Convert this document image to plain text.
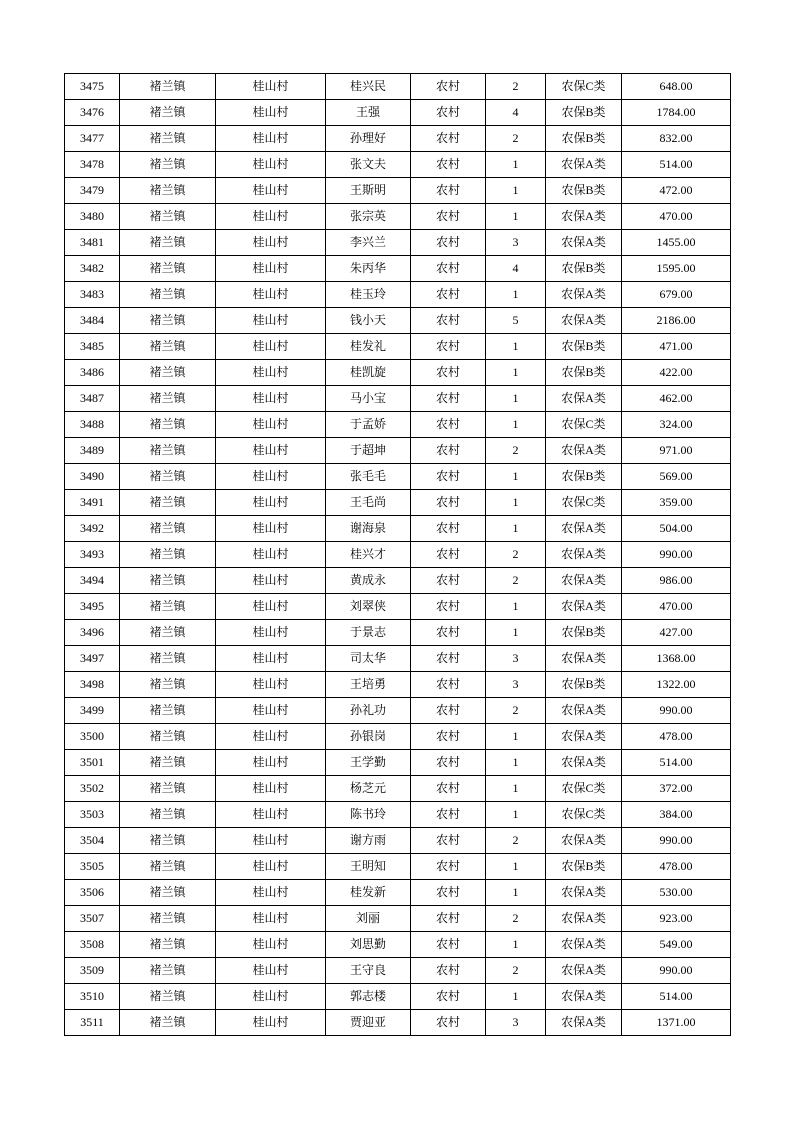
3475	褚兰镇	桂山村	桂兴民	农村	2	农保C类	648.00
3476	褚兰镇	桂山村	王强	农村	4	农保B类	1784.00
3477	褚兰镇	桂山村	孙理好	农村	2	农保B类	832.00
3478	褚兰镇	桂山村	张文夫	农村	1	农保A类	514.00
3479	褚兰镇	桂山村	王斯明	农村	1	农保B类	472.00
3480	褚兰镇	桂山村	张宗英	农村	1	农保A类	470.00
3481	褚兰镇	桂山村	李兴兰	农村	3	农保A类	1455.00
3482	褚兰镇	桂山村	朱丙华	农村	4	农保B类	1595.00
3483	褚兰镇	桂山村	桂玉玲	农村	1	农保A类	679.00
3484	褚兰镇	桂山村	钱小天	农村	5	农保A类	2186.00
3485	褚兰镇	桂山村	桂发礼	农村	1	农保B类	471.00
3486	褚兰镇	桂山村	桂凯旋	农村	1	农保B类	422.00
3487	褚兰镇	桂山村	马小宝	农村	1	农保A类	462.00
3488	褚兰镇	桂山村	于孟娇	农村	1	农保C类	324.00
3489	褚兰镇	桂山村	于超坤	农村	2	农保A类	971.00
3490	褚兰镇	桂山村	张毛毛	农村	1	农保B类	569.00
3491	褚兰镇	桂山村	王毛尚	农村	1	农保C类	359.00
3492	褚兰镇	桂山村	谢海泉	农村	1	农保A类	504.00
3493	褚兰镇	桂山村	桂兴才	农村	2	农保A类	990.00
3494	褚兰镇	桂山村	黄成永	农村	2	农保A类	986.00
3495	褚兰镇	桂山村	刘翠侠	农村	1	农保A类	470.00
3496	褚兰镇	桂山村	于景志	农村	1	农保B类	427.00
3497	褚兰镇	桂山村	司太华	农村	3	农保A类	1368.00
3498	褚兰镇	桂山村	王培勇	农村	3	农保B类	1322.00
3499	褚兰镇	桂山村	孙礼功	农村	2	农保A类	990.00
3500	褚兰镇	桂山村	孙银岗	农村	1	农保A类	478.00
3501	褚兰镇	桂山村	王学勤	农村	1	农保A类	514.00
3502	褚兰镇	桂山村	杨芝元	农村	1	农保C类	372.00
3503	褚兰镇	桂山村	陈书玲	农村	1	农保C类	384.00
3504	褚兰镇	桂山村	谢方雨	农村	2	农保A类	990.00
3505	褚兰镇	桂山村	王明知	农村	1	农保B类	478.00
3506	褚兰镇	桂山村	桂发新	农村	1	农保A类	530.00
3507	褚兰镇	桂山村	刘丽	农村	2	农保A类	923.00
3508	褚兰镇	桂山村	刘思勤	农村	1	农保A类	549.00
3509	褚兰镇	桂山村	王守良	农村	2	农保A类	990.00
3510	褚兰镇	桂山村	郭志楼	农村	1	农保A类	514.00
3511	褚兰镇	桂山村	贾迎亚	农村	3	农保A类	1371.00
